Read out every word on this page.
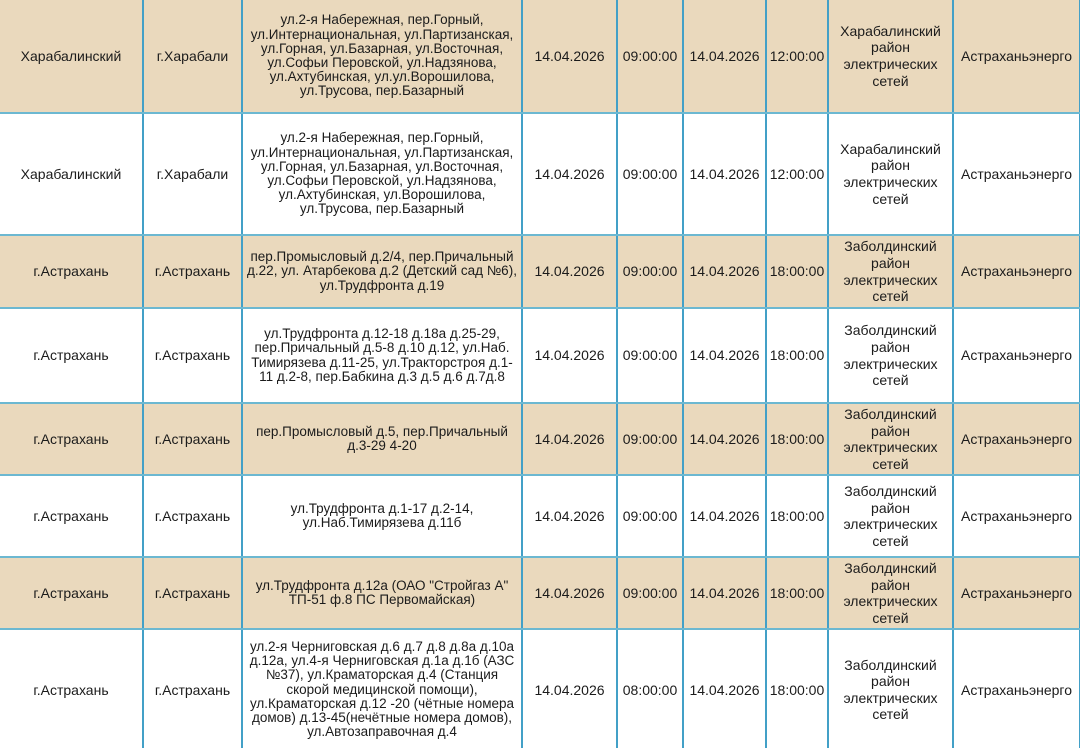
Харабалинский	г.Харабали	ул.2-я Набережная, пер.Горный, ул.Интернациональная, ул.Партизанская, ул.Горная, ул.Базарная, ул.Восточная, ул.Софьи Перовской, ул.Надзянова, ул.Ахтубинская, ул.ул.Ворошилова, ул.Трусова, пер.Базарный	14.04.2026	09:00:00	14.04.2026	12:00:00	Харабалинский район электрических сетей	Астраханьэнерго
Харабалинский	г.Харабали	ул.2-я Набережная, пер.Горный, ул.Интернациональная, ул.Партизанская, ул.Горная, ул.Базарная, ул.Восточная, ул.Софьи Перовской, ул.Надзянова, ул.Ахтубинская, ул.Ворошилова, ул.Трусова, пер.Базарный	14.04.2026	09:00:00	14.04.2026	12:00:00	Харабалинский район электрических сетей	Астраханьэнерго
г.Астрахань	г.Астрахань	пер.Промысловый д.2/4, пер.Причальный д.22, ул. Атарбекова д.2 (Детский сад №6), ул.Трудфронта д.19	14.04.2026	09:00:00	14.04.2026	18:00:00	Заболдинский район электрических сетей	Астраханьэнерго
г.Астрахань	г.Астрахань	ул.Трудфронта д.12-18 д.18а д.25-29, пер.Причальный д.5-8 д.10 д.12, ул.Наб. Тимирязева д.11-25, ул.Тракторстроя д.1-11 д.2-8, пер.Бабкина д.3 д.5 д.6 д.7д.8	14.04.2026	09:00:00	14.04.2026	18:00:00	Заболдинский район электрических сетей	Астраханьэнерго
г.Астрахань	г.Астрахань	пер.Промысловый д.5, пер.Причальный д.3-29 4-20	14.04.2026	09:00:00	14.04.2026	18:00:00	Заболдинский район электрических сетей	Астраханьэнерго
г.Астрахань	г.Астрахань	ул.Трудфронта д.1-17 д.2-14, ул.Наб.Тимирязева д.11б	14.04.2026	09:00:00	14.04.2026	18:00:00	Заболдинский район электрических сетей	Астраханьэнерго
г.Астрахань	г.Астрахань	ул.Трудфронта д.12а (ОАО "Стройгаз А" ТП-51 ф.8 ПС Первомайская)	14.04.2026	09:00:00	14.04.2026	18:00:00	Заболдинский район электрических сетей	Астраханьэнерго
г.Астрахань	г.Астрахань	ул.2-я Черниговская д.6 д.7 д.8 д.8а д.10а д.12а, ул.4-я Черниговская д.1а д.1б (АЗС №37), ул.Краматорская д.4 (Станция скорой медицинской помощи), ул.Краматорская д.12 -20 (чётные номера домов) д.13-45(нечётные номера домов), ул.Автозаправочная д.4	14.04.2026	08:00:00	14.04.2026	18:00:00	Заболдинский район электрических сетей	Астраханьэнерго
